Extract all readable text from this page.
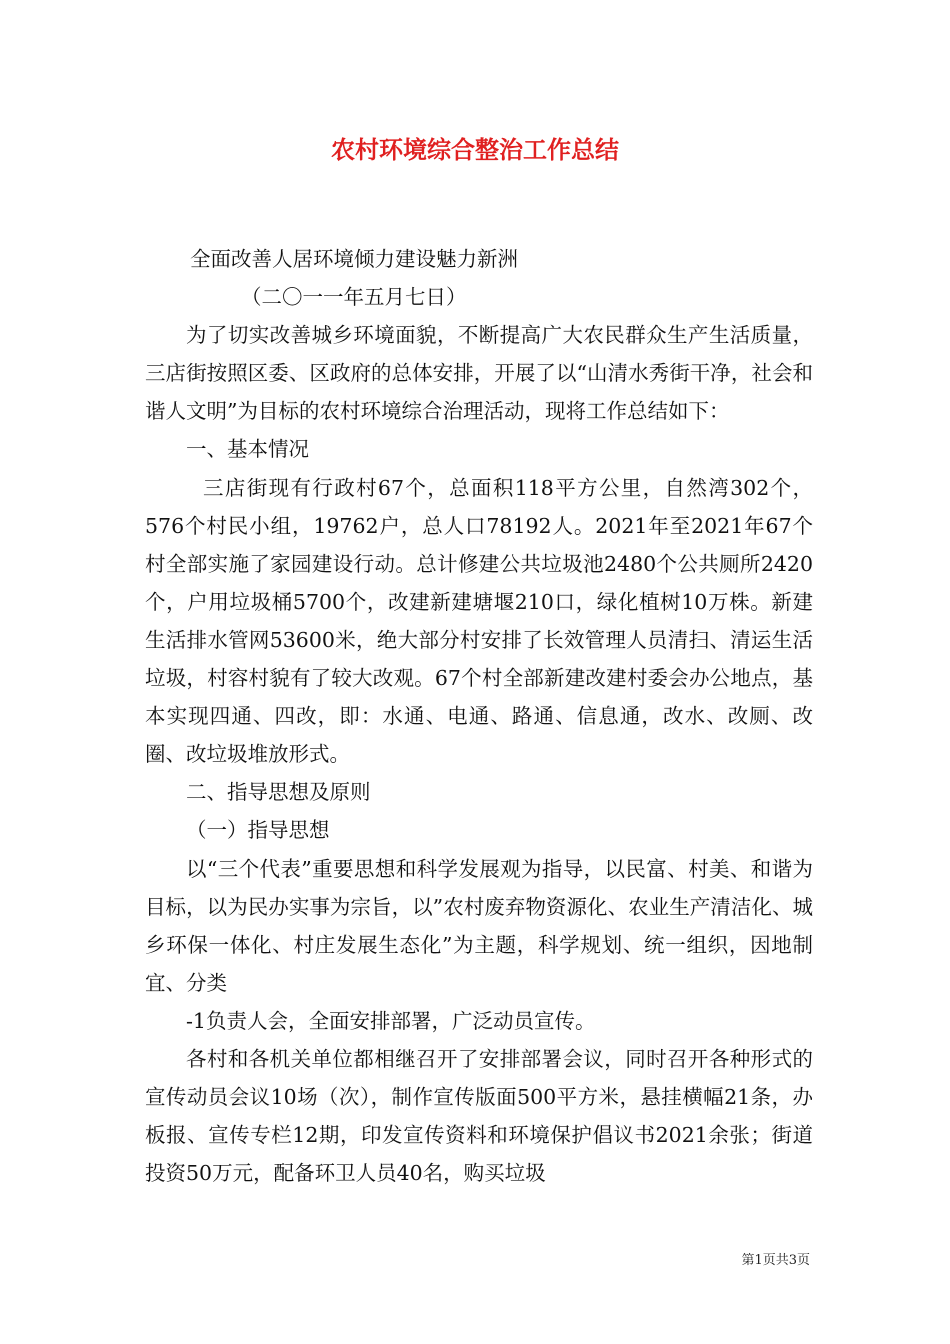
农村环境综合整治工作总结

全面改善人居环境倾力建设魅力新洲

（二〇一一年五月七日）

为了切实改善城乡环境面貌，不断提高广大农民群众生产生活质量，三店街按照区委、区政府的总体安排，开展了以“山清水秀街干净，社会和谐人文明”为目标的农村环境综合治理活动，现将工作总结如下：

一、基本情况

三店街现有行政村67个，总面积118平方公里，自然湾302个，576个村民小组，19762户，总人口78192人。2021年至2021年67个村全部实施了家园建设行动。总计修建公共垃圾池2480个公共厕所2420个，户用垃圾桶5700个，改建新建塘堰210口，绿化植树10万株。新建生活排水管网53600米，绝大部分村安排了长效管理人员清扫、清运生活垃圾，村容村貌有了较大改观。67个村全部新建改建村委会办公地点，基本实现四通、四改，即：水通、电通、路通、信息通，改水、改厕、改圈、改垃圾堆放形式。

二、指导思想及原则

（一）指导思想

以“三个代表”重要思想和科学发展观为指导，以民富、村美、和谐为目标，以为民办实事为宗旨，以”农村废弃物资源化、农业生产清洁化、城乡环保一体化、村庄发展生态化”为主题，科学规划、统一组织，因地制宜、分类

-1负责人会，全面安排部署，广泛动员宣传。

各村和各机关单位都相继召开了安排部署会议，同时召开各种形式的宣传动员会议10场（次），制作宣传版面500平方米，悬挂横幅21条，办板报、宣传专栏12期，印发宣传资料和环境保护倡议书2021余张；街道投资50万元，配备环卫人员40名，购买垃圾

第1页共3页
